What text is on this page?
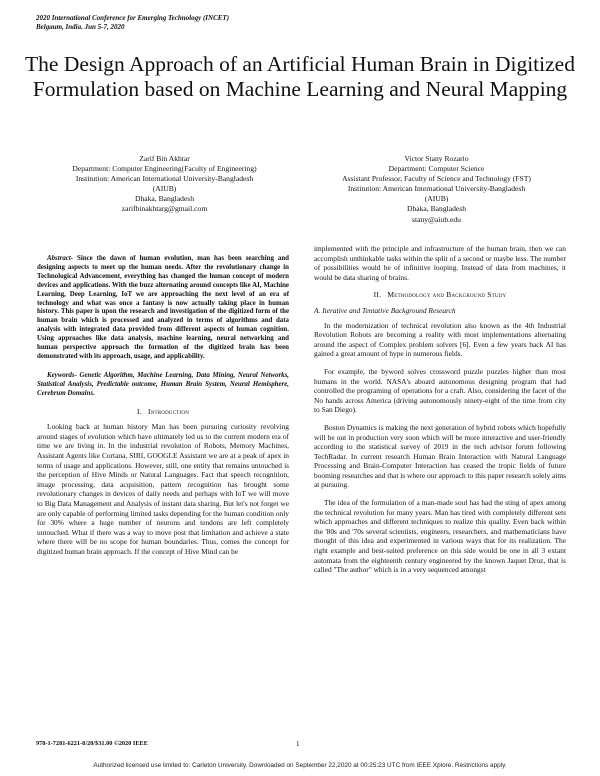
2020 International Conference for Emerging Technology (INCET)
Belgaum, India. Jun 5-7, 2020
The Design Approach of an Artificial Human Brain in Digitized Formulation based on Machine Learning and Neural Mapping
Zarif Bin Akhtar
Department: Computer Engineering(Faculty of Engineering)
Institution: American International University-Bangladesh
(AIUB)
Dhaka, Bangladesh
zarifbinakhtarg@gmail.com
Victor Stany Rozario
Department: Computer Science
Assistant Professor, Faculty of Science and Technology (FST)
Institution: American International University-Bangladesh
(AIUB)
Dhaka, Bangladesh
stany@aiub.edu

Abstract- Since the dawn of human evolution, man has been searching and designing aspects to meet up the human needs. After the revolutionary change in Technological Advancement, everything has changed the human concept of modern devices and applications. With the buzz alternating around concepts like AI, Machine Learning, Deep Learning, IoT we are approaching the next level of an era of technology and what was once a fantasy is now actually taking place in human history. This paper is upon the research and investigation of the digitized form of the human brain which is processed and analyzed in terms of algorithms and data analysis with integrated data provided from different aspects of human cognition. Using approaches like data analysis, machine learning, neural networking and human perspective approach the formation of the digitized brain has been demonstrated with its approach, usage, and applicability.

Keywords- Genetic Algorithm, Machine Learning, Data Mining, Neural Networks, Statistical Analysis, Predictable outcome, Human Brain System, Neural Hemisphere, Cerebrum Domains.

I. Introduction

Looking back at human history Man has been pursuing curiosity revolving around stages of evolution which have ultimately led us to the current modern era of time we are living in. In the industrial revolution of Robots, Memory Machines, Assistant Agents like Cortana, SIRI, GOOGLE Assistant we are at a peak of apex in terms of usage and applications. However, still, one entity that remains untouched is the perception of Hive Minds or Natural Languages. Fact that speech recognition, image processing, data acquisition, pattern recognition has brought some revolutionary changes in devices of daily needs and perhaps with IoT we will move to Big Data Management and Analysis of instant data sharing. But let's not forget we are only capable of performing limited tasks depending for the human condition only for 30% where a huge number of neurons and tendons are left completely untouched. What if there was a way to move post that limitation and achieve a state where there will be no scope for human boundaries. Thus, comes the concept for digitized human brain approach. If the concept of Hive Mind can be

implemented with the principle and infrastructure of the human brain, then we can accomplish unthinkable tasks within the split of a second or maybe less. The number of possibilities would be of infinitive looping. Instead of data from machines, it would be data sharing of brains.

II. Methodology and Background Study

A. Iterative and Tentative Background Research

In the modernization of technical revolution also known as the 4th Industrial Revolution Robots are becoming a reality with most implementations alternating around the aspect of Complex problem solvers [6]. Even a few years back AI has gained a great amount of hype in numerous fields.

For example, the byword solves crossword puzzle puzzles higher than most humans in the world. NASA's aboard autonomous designing program that had controlled the programing of operations for a craft. Also, considering the facet of the No hands across America (driving autonomously ninety-eight of the time from city to San Diego).

Boston Dynamics is making the next generation of hybrid robots which hopefully will be out in production very soon which will be more interactive and user-friendly according to the statistical survey of 2019 in the tech advisor forum following TechRadar. In current research Human Brain Interaction with Natural Language Processing and Brain-Computer Interaction has ceased the tropic fields of future booming researches and that is where our approach to this paper research solely aims at pursuing.

The idea of the formulation of a man-made soul has had the sting of apex among the technical revolution for many years. Man has tired with completely different sets which approaches and different techniques to realize this quality. Even back within the '80s and '70s several scientists, engineers, researchers, and mathematicians have thought of this idea and experimented in various ways that for its realization. The right example and best-suited preference on this side would be one in all 3 extant automata from the eighteenth century engineered by the known Jaquet Droz, that is called "The author" which is in a very sequenced amongst

978-1-7281-6221-8/20/$31.00 ©2020 IEEE	1
Authorized licensed use limited to: Carleton University. Downloaded on September 22,2020 at 00:25:23 UTC from IEEE Xplore. Restrictions apply.
